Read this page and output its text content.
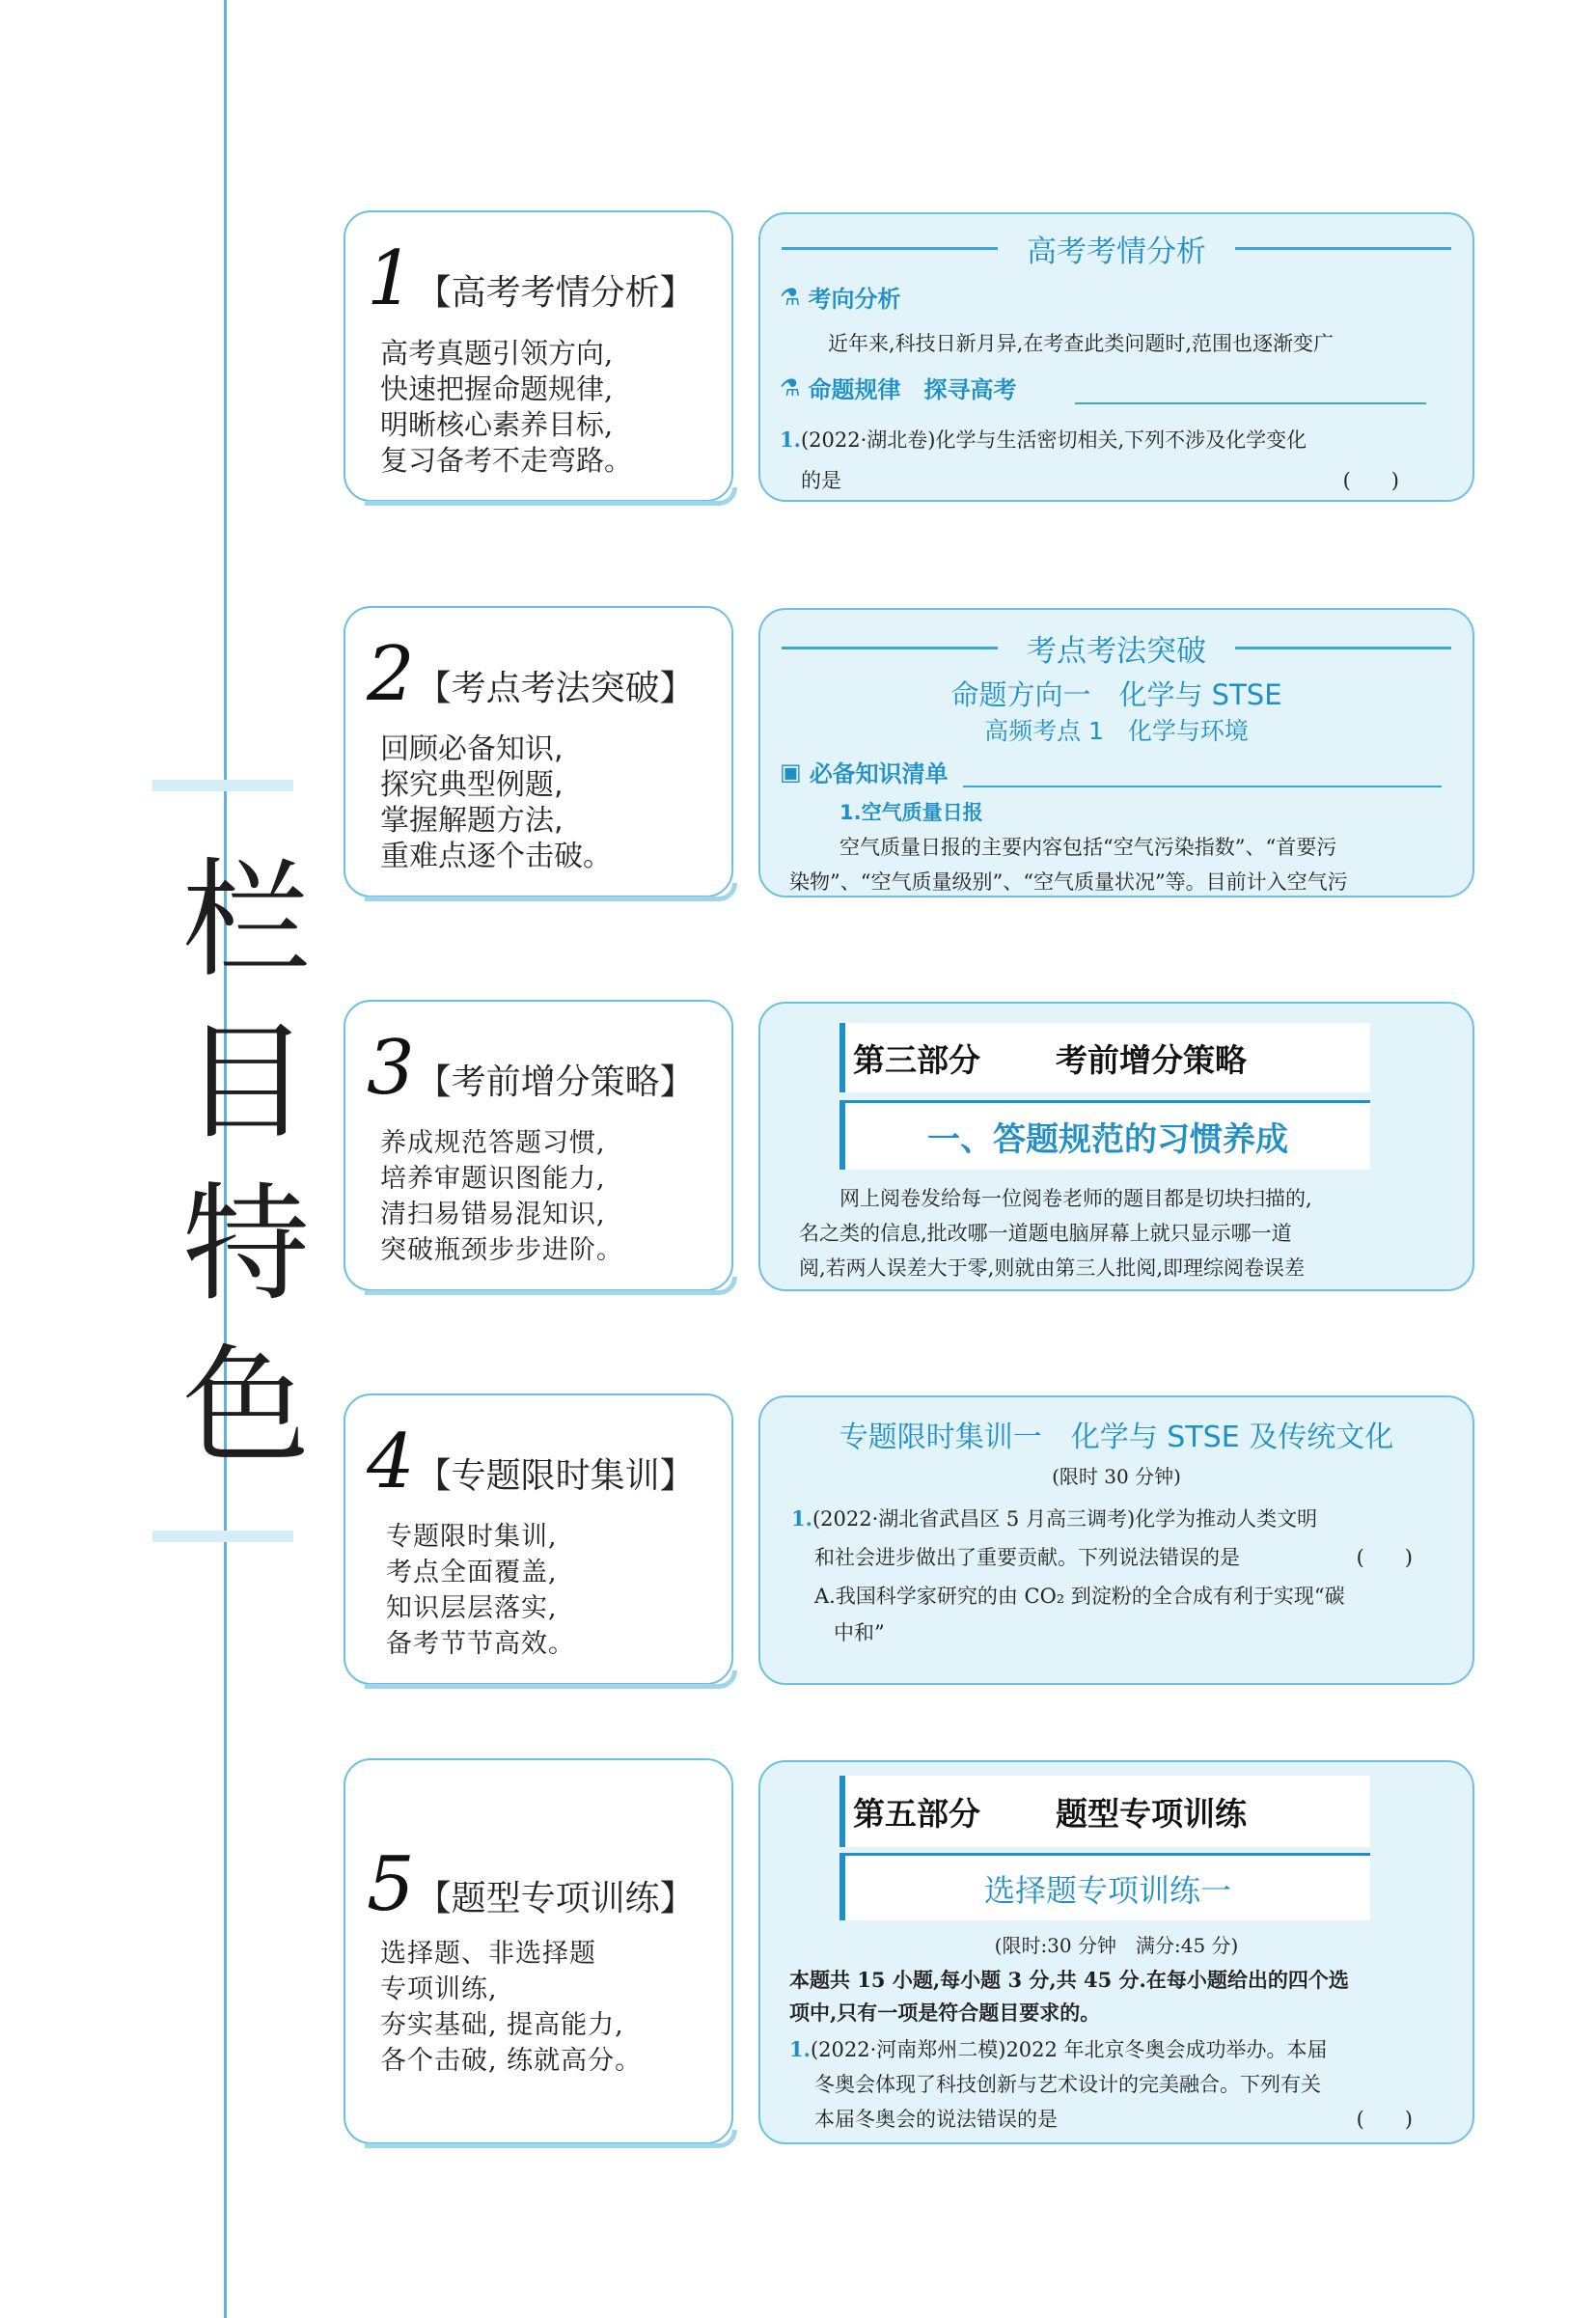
栏
目
特
色
1 【高考考情分析】
高考真题引领方向,
快速把握命题规律,
明晰核心素养目标,
复习备考不走弯路。
高考考情分析
⚗ 考向分析
近年来,科技日新月异,在考查此类问题时,范围也逐渐变广
⚗ 命题规律　探寻高考
1.(2022·湖北卷)化学与生活密切相关,下列不涉及化学变化
的是	(　　)
2 【考点考法突破】
回顾必备知识,
探究典型例题,
掌握解题方法,
重难点逐个击破。
考点考法突破
命题方向一　化学与 STSE
高频考点 1　化学与环境
▣ 必备知识清单
1.空气质量日报
空气质量日报的主要内容包括“空气污染指数”、“首要污
染物”、“空气质量级别”、“空气质量状况”等。目前计入空气污
3 【考前增分策略】
养成规范答题习惯,
培养审题识图能力,
清扫易错易混知识,
突破瓶颈步步进阶。
第三部分 考前增分策略
一、答题规范的习惯养成
网上阅卷发给每一位阅卷老师的题目都是切块扫描的,
名之类的信息,批改哪一道题电脑屏幕上就只显示哪一道
阅,若两人误差大于零,则就由第三人批阅,即理综阅卷误差
4 【专题限时集训】
专题限时集训,
考点全面覆盖,
知识层层落实,
备考节节高效。
专题限时集训一　化学与 STSE 及传统文化
(限时 30 分钟)
1.(2022·湖北省武昌区 5 月高三调考)化学为推动人类文明
和社会进步做出了重要贡献。下列说法错误的是	(　　)
A.我国科学家研究的由 CO₂ 到淀粉的全合成有利于实现“碳
中和”
5 【题型专项训练】
选择题、非选择题
专项训练,
夯实基础, 提高能力,
各个击破, 练就高分。
第五部分 题型专项训练
选择题专项训练一
(限时:30 分钟　满分:45 分)
本题共 15 小题,每小题 3 分,共 45 分.在每小题给出的四个选
项中,只有一项是符合题目要求的。
1.(2022·河南郑州二模)2022 年北京冬奥会成功举办。本届
冬奥会体现了科技创新与艺术设计的完美融合。下列有关
本届冬奥会的说法错误的是	(　　)
